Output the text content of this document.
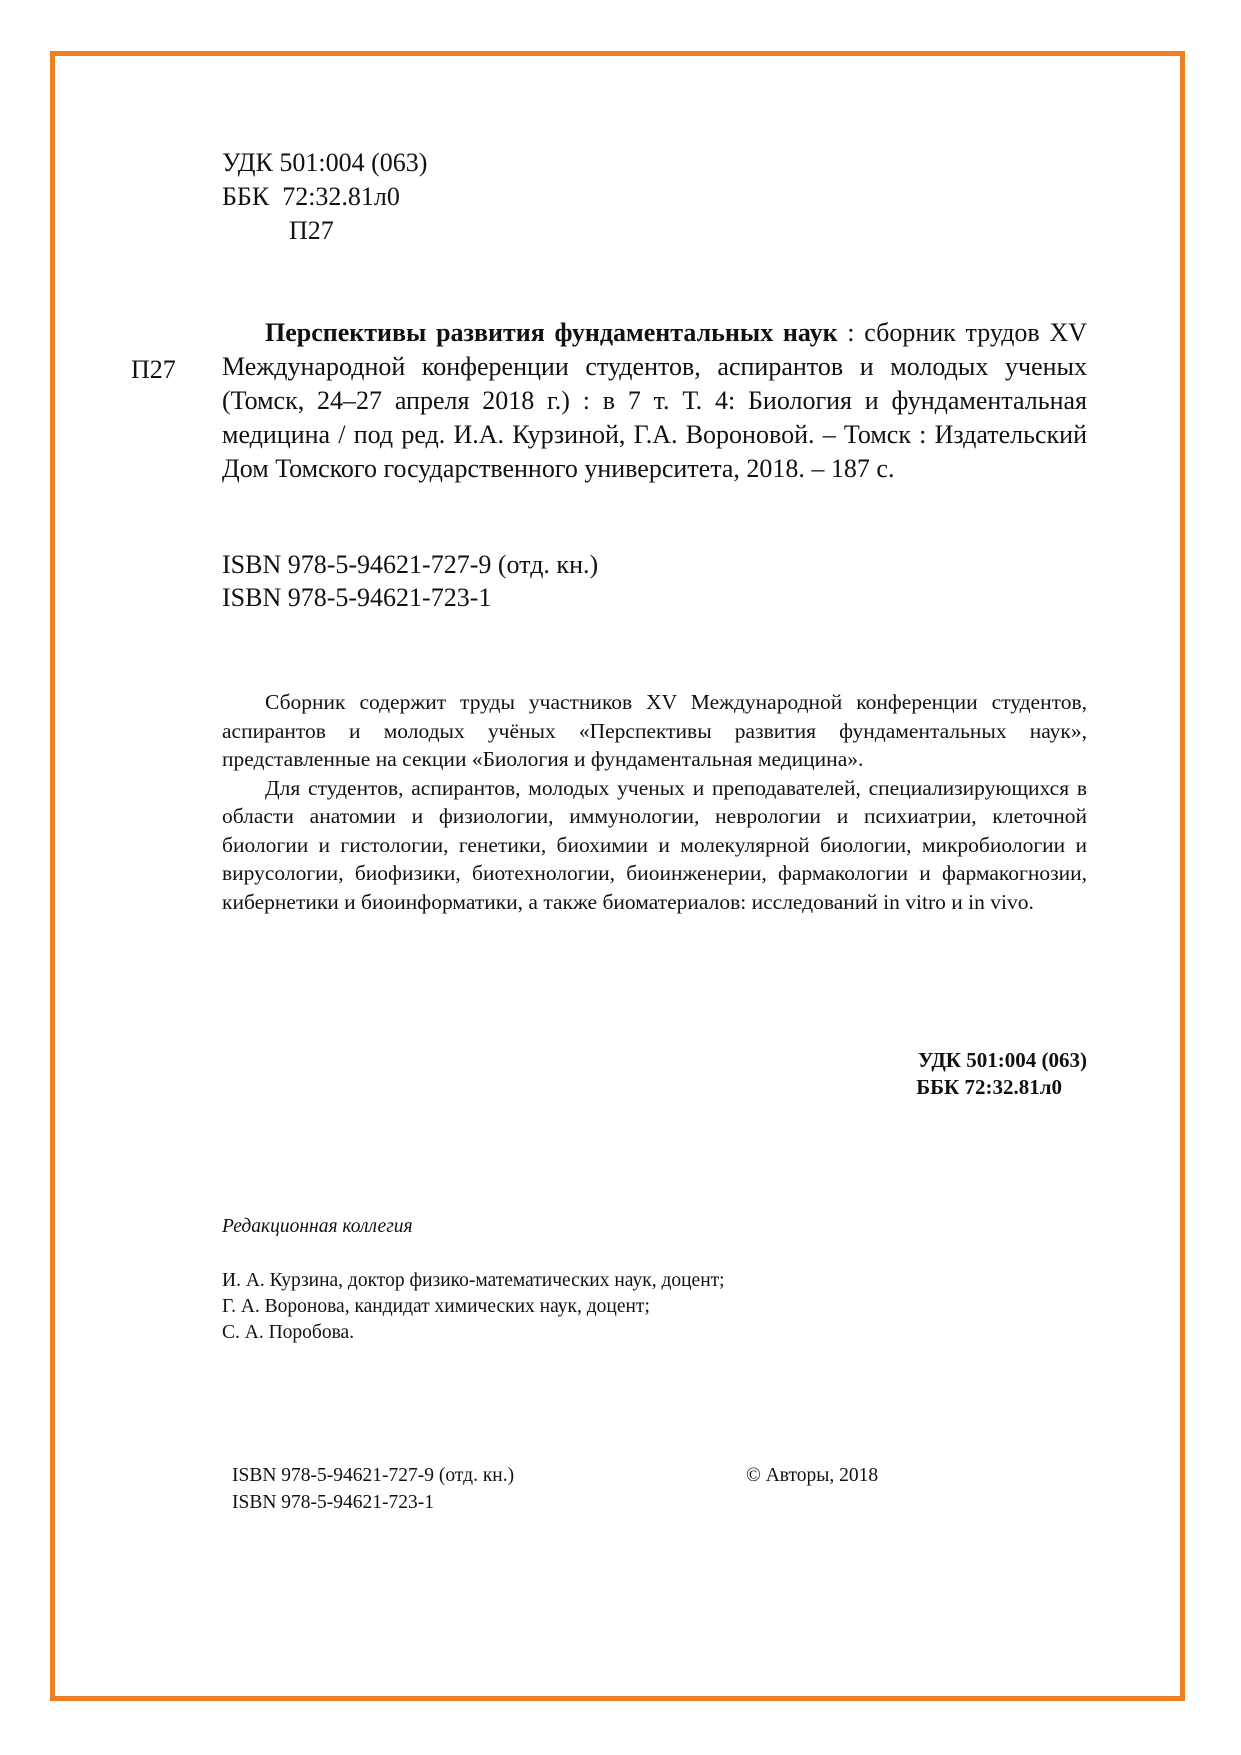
УДК 501:004 (063)
ББК  72:32.81л0
П27
П27
Перспективы развития фундаментальных наук : сборник трудов XV Международной конференции студентов, аспирантов и молодых ученых (Томск, 24–27 апреля 2018 г.) : в 7 т. Т. 4: Биология и фундаментальная медицина / под ред. И.А. Курзиной, Г.А. Вороновой. – Томск : Издательский Дом Томского государственного университета, 2018. – 187 с.
ISBN 978-5-94621-727-9 (отд. кн.)
ISBN 978-5-94621-723-1

Сборник содержит труды участников XV Международной конференции студентов, аспирантов и молодых учёных «Перспективы развития фундаментальных наук», представленные на секции «Биология и фундаментальная медицина».

Для студентов, аспирантов, молодых ученых и преподавателей, специализирующихся в области анатомии и физиологии, иммунологии, неврологии и психиатрии, клеточной биологии и гистологии, генетики, биохимии и молекулярной биологии, микробиологии и вирусологии, биофизики, биотехнологии, биоинженерии, фармакологии и фармакогнозии, кибернетики и биоинформатики, а также биоматериалов: исследований in vitro и in vivo.

УДК 501:004 (063)
ББК 72:32.81л0
Редакционная коллегия
И. А. Курзина, доктор физико-математических наук, доцент;
Г. А. Воронова, кандидат химических наук, доцент;
С. А. Поробова.
ISBN 978-5-94621-727-9 (отд. кн.)
ISBN 978-5-94621-723-1
© Авторы, 2018
